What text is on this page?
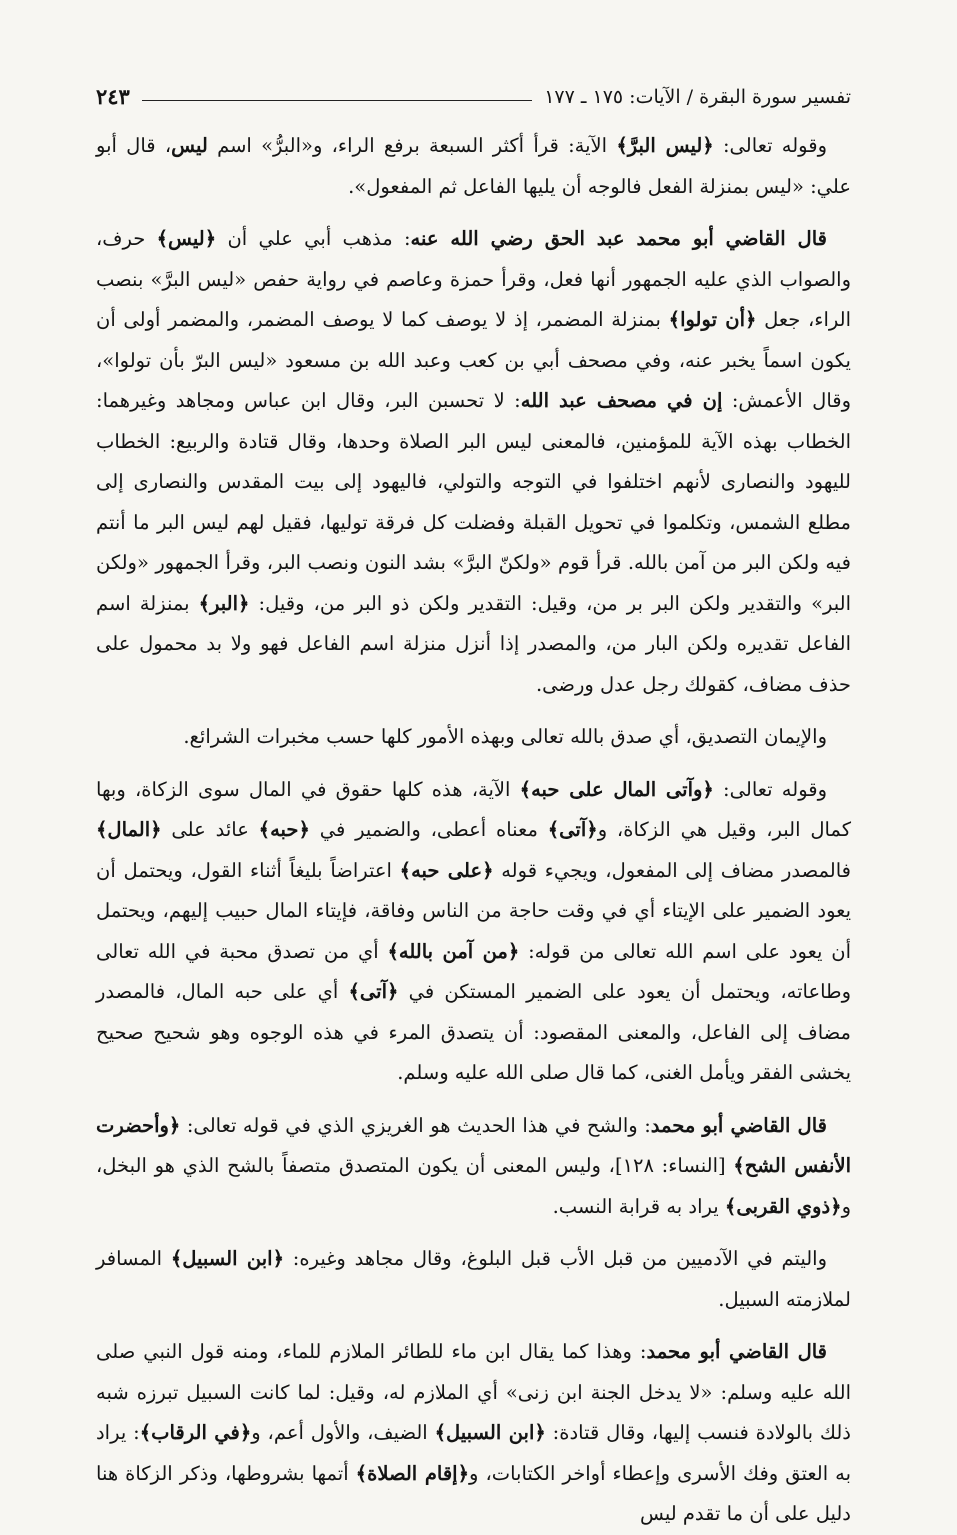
تفسير سورة البقرة / الآيات: ١٧٥ ـ ١٧٧
٢٤٣

وقوله تعالى: ﴿ليس البرَّ﴾ الآية: قرأ أكثر السبعة برفع الراء، و«البرُّ» اسم ليس، قال أبو علي: «ليس بمنزلة الفعل فالوجه أن يليها الفاعل ثم المفعول».

قال القاضي أبو محمد عبد الحق رضي الله عنه: مذهب أبي علي أن ﴿ليس﴾ حرف، والصواب الذي عليه الجمهور أنها فعل، وقرأ حمزة وعاصم في رواية حفص «ليس البرَّ» بنصب الراء، جعل ﴿أن تولوا﴾ بمنزلة المضمر، إذ لا يوصف كما لا يوصف المضمر، والمضمر أولى أن يكون اسماً يخبر عنه، وفي مصحف أبي بن كعب وعبد الله بن مسعود «ليس البرّ بأن تولوا»، وقال الأعمش: إن في مصحف عبد الله: لا تحسبن البر، وقال ابن عباس ومجاهد وغيرهما: الخطاب بهذه الآية للمؤمنين، فالمعنى ليس البر الصلاة وحدها، وقال قتادة والربيع: الخطاب لليهود والنصارى لأنهم اختلفوا في التوجه والتولي، فاليهود إلى بيت المقدس والنصارى إلى مطلع الشمس، وتكلموا في تحويل القبلة وفضلت كل فرقة توليها، فقيل لهم ليس البر ما أنتم فيه ولكن البر من آمن بالله. قرأ قوم «ولكنّ البرَّ» بشد النون ونصب البر، وقرأ الجمهور «ولكن البر» والتقدير ولكن البر بر من، وقيل: التقدير ولكن ذو البر من، وقيل: ﴿البر﴾ بمنزلة اسم الفاعل تقديره ولكن البار من، والمصدر إذا أنزل منزلة اسم الفاعل فهو ولا بد محمول على حذف مضاف، كقولك رجل عدل ورضى.

والإيمان التصديق، أي صدق بالله تعالى وبهذه الأمور كلها حسب مخبرات الشرائع.

وقوله تعالى: ﴿وآتى المال على حبه﴾ الآية، هذه كلها حقوق في المال سوى الزكاة، وبها كمال البر، وقيل هي الزكاة، و﴿آتى﴾ معناه أعطى، والضمير في ﴿حبه﴾ عائد على ﴿المال﴾ فالمصدر مضاف إلى المفعول، ويجيء قوله ﴿على حبه﴾ اعتراضاً بليغاً أثناء القول، ويحتمل أن يعود الضمير على الإيتاء أي في وقت حاجة من الناس وفاقة، فإيتاء المال حبيب إليهم، ويحتمل أن يعود على اسم الله تعالى من قوله: ﴿من آمن بالله﴾ أي من تصدق محبة في الله تعالى وطاعاته، ويحتمل أن يعود على الضمير المستكن في ﴿آتى﴾ أي على حبه المال، فالمصدر مضاف إلى الفاعل، والمعنى المقصود: أن يتصدق المرء في هذه الوجوه وهو شحيح صحيح يخشى الفقر ويأمل الغنى، كما قال صلى الله عليه وسلم.

قال القاضي أبو محمد: والشح في هذا الحديث هو الغريزي الذي في قوله تعالى: ﴿وأحضرت الأنفس الشح﴾ [النساء: ١٢٨]، وليس المعنى أن يكون المتصدق متصفاً بالشح الذي هو البخل، و﴿ذوي القربى﴾ يراد به قرابة النسب.

واليتم في الآدميين من قبل الأب قبل البلوغ، وقال مجاهد وغيره: ﴿ابن السبيل﴾ المسافر لملازمته السبيل.

قال القاضي أبو محمد: وهذا كما يقال ابن ماء للطائر الملازم للماء، ومنه قول النبي صلى الله عليه وسلم: «لا يدخل الجنة ابن زنى» أي الملازم له، وقيل: لما كانت السبيل تبرزه شبه ذلك بالولادة فنسب إليها، وقال قتادة: ﴿ابن السبيل﴾ الضيف، والأول أعم، و﴿في الرقاب﴾: يراد به العتق وفك الأسرى وإعطاء أواخر الكتابات، و﴿إقام الصلاة﴾ أتمها بشروطها، وذكر الزكاة هنا دليل على أن ما تقدم ليس
